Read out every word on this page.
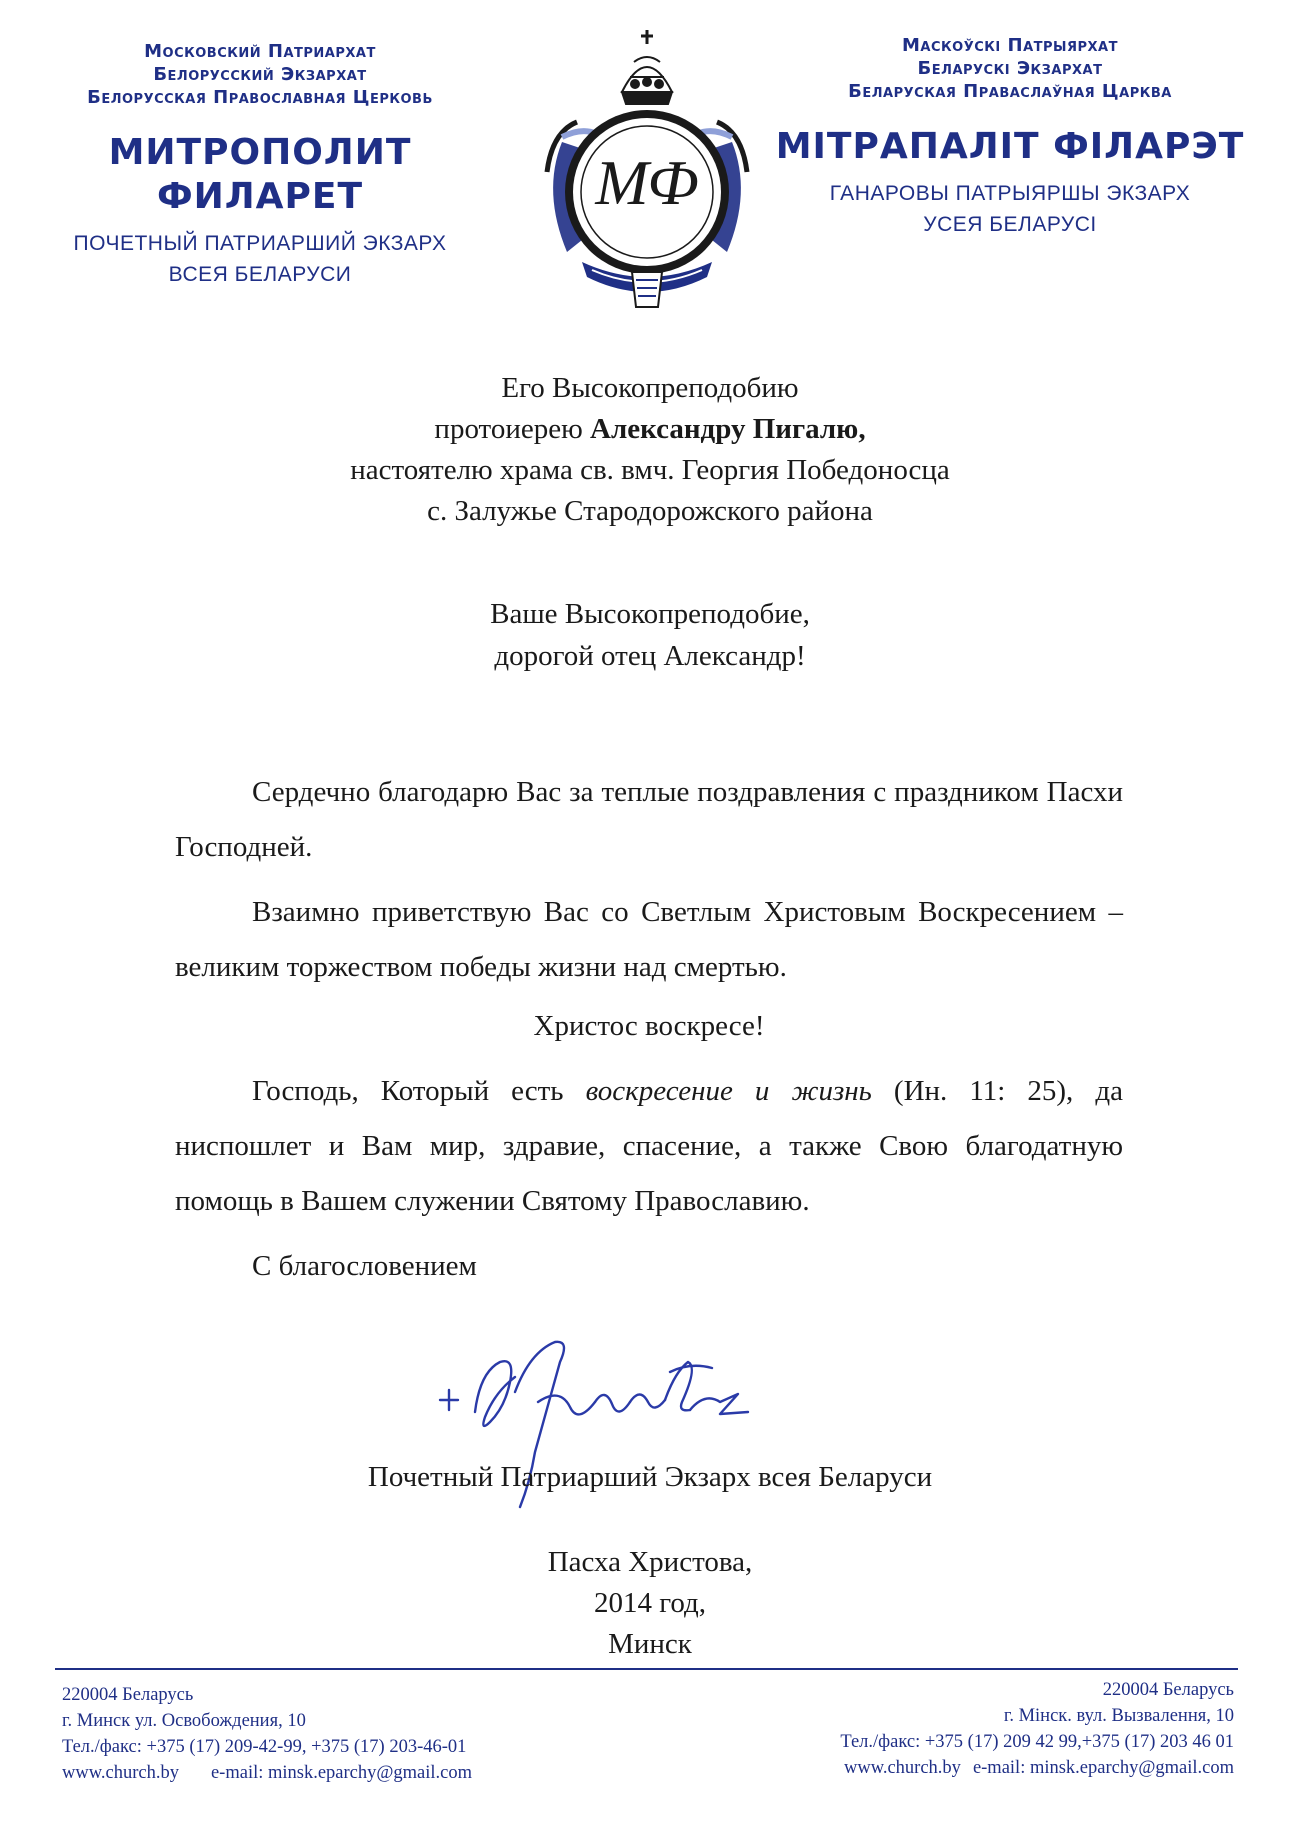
Московский Патриархат
Белорусский Экзархат
Белорусская Православная Церковь
МИТРОПОЛИТ ФИЛАРЕТ
ПОЧЕТНЫЙ ПАТРИАРШИЙ ЭКЗАРХ
ВСЕЯ БЕЛАРУСИ
МФ
Маскоўскі Патрыярхат
Беларускі Экзархат
Беларуская Праваслаўная Царква
МІТРАПАЛІТ ФІЛАРЭТ
ГАНАРОВЫ ПАТРЫЯРШЫ ЭКЗАРХ
УСЕЯ БЕЛАРУСІ
Его Высокопреподобию
протоиерею Александру Пигалю,
настоятелю храма св. вмч. Георгия Победоносца
с. Залужье Стародорожского района
Ваше Высокопреподобие,
дорогой отец Александр!

Сердечно благодарю Вас за теплые поздравления с праздником Пасхи Господней.

Взаимно приветствую Вас со Светлым Христовым Воскресением – великим торжеством победы жизни над смертью.

Христос воскресе!

Господь, Который есть воскресение и жизнь (Ин. 11: 25), да ниспошлет и Вам мир, здравие, спасение, а также Свою благодатную помощь в Вашем служении Святому Православию.

С благословением

Почетный Патриарший Экзарх всея Беларуси
Пасха Христова,
2014 год,
Минск
220004 Беларусь
г. Минск ул. Освобождения, 10
Тел./факс: +375 (17) 209-42-99, +375 (17) 203-46-01
www.church.by e-mail: minsk.eparchy@gmail.com
220004 Беларусь
г. Мінск. вул. Вызвалення, 10
Тел./факс: +375 (17) 209 42 99,+375 (17) 203 46 01
www.church.by e-mail: minsk.eparchy@gmail.com
